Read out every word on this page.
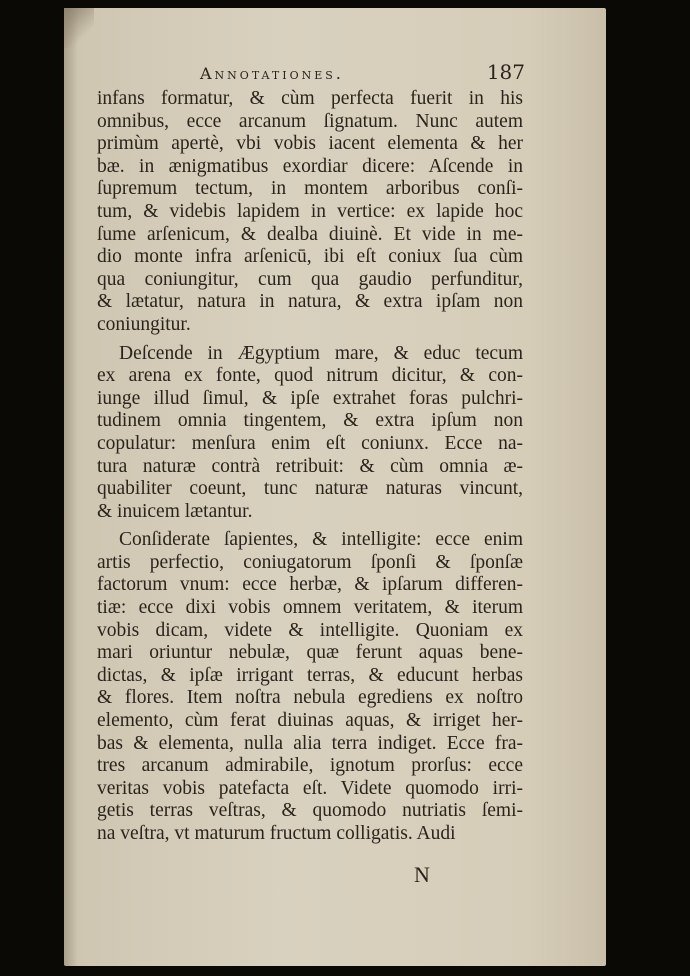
Annotationes.	187
infans formatur, & cùm perfecta fuerit in his
omnibus, ecce arcanum ſignatum. Nunc autem
primùm apertè, vbi vobis iacent elementa & her
bæ. in ænigmatibus exordiar dicere: Aſcende in
ſupremum tectum, in montem arboribus conſi-
tum, & videbis lapidem in vertice: ex lapide hoc
ſume arſenicum, & dealba diuinè. Et vide in me-
dio monte infra arſenicū, ibi eſt coniux ſua cùm
qua coniungitur, cum qua gaudio perfunditur,
& lætatur, natura in natura, & extra ipſam non
coniungitur.
Deſcende in Ægyptium mare, & educ tecum
ex arena ex fonte, quod nitrum dicitur, & con-
iunge illud ſimul, & ipſe extrahet foras pulchri-
tudinem omnia tingentem, & extra ipſum non
copulatur: menſura enim eſt coniunx. Ecce na-
tura naturæ contrà retribuit: & cùm omnia æ-
quabiliter coeunt, tunc naturæ naturas vincunt,
& inuicem lætantur.
Conſiderate ſapientes, & intelligite: ecce enim
artis perfectio, coniugatorum ſponſi & ſponſæ
factorum vnum: ecce herbæ, & ipſarum differen-
tiæ: ecce dixi vobis omnem veritatem, & iterum
vobis dicam, videte & intelligite. Quoniam ex
mari oriuntur nebulæ, quæ ferunt aquas bene-
dictas, & ipſæ irrigant terras, & educunt herbas
& flores. Item noſtra nebula egrediens ex noſtro
elemento, cùm ferat diuinas aquas, & irriget her-
bas & elementa, nulla alia terra indiget. Ecce fra-
tres arcanum admirabile, ignotum prorſus: ecce
veritas vobis patefacta eſt. Videte quomodo irri-
getis terras veſtras, & quomodo nutriatis ſemi-
na veſtra, vt maturum fructum colligatis. Audi
N
